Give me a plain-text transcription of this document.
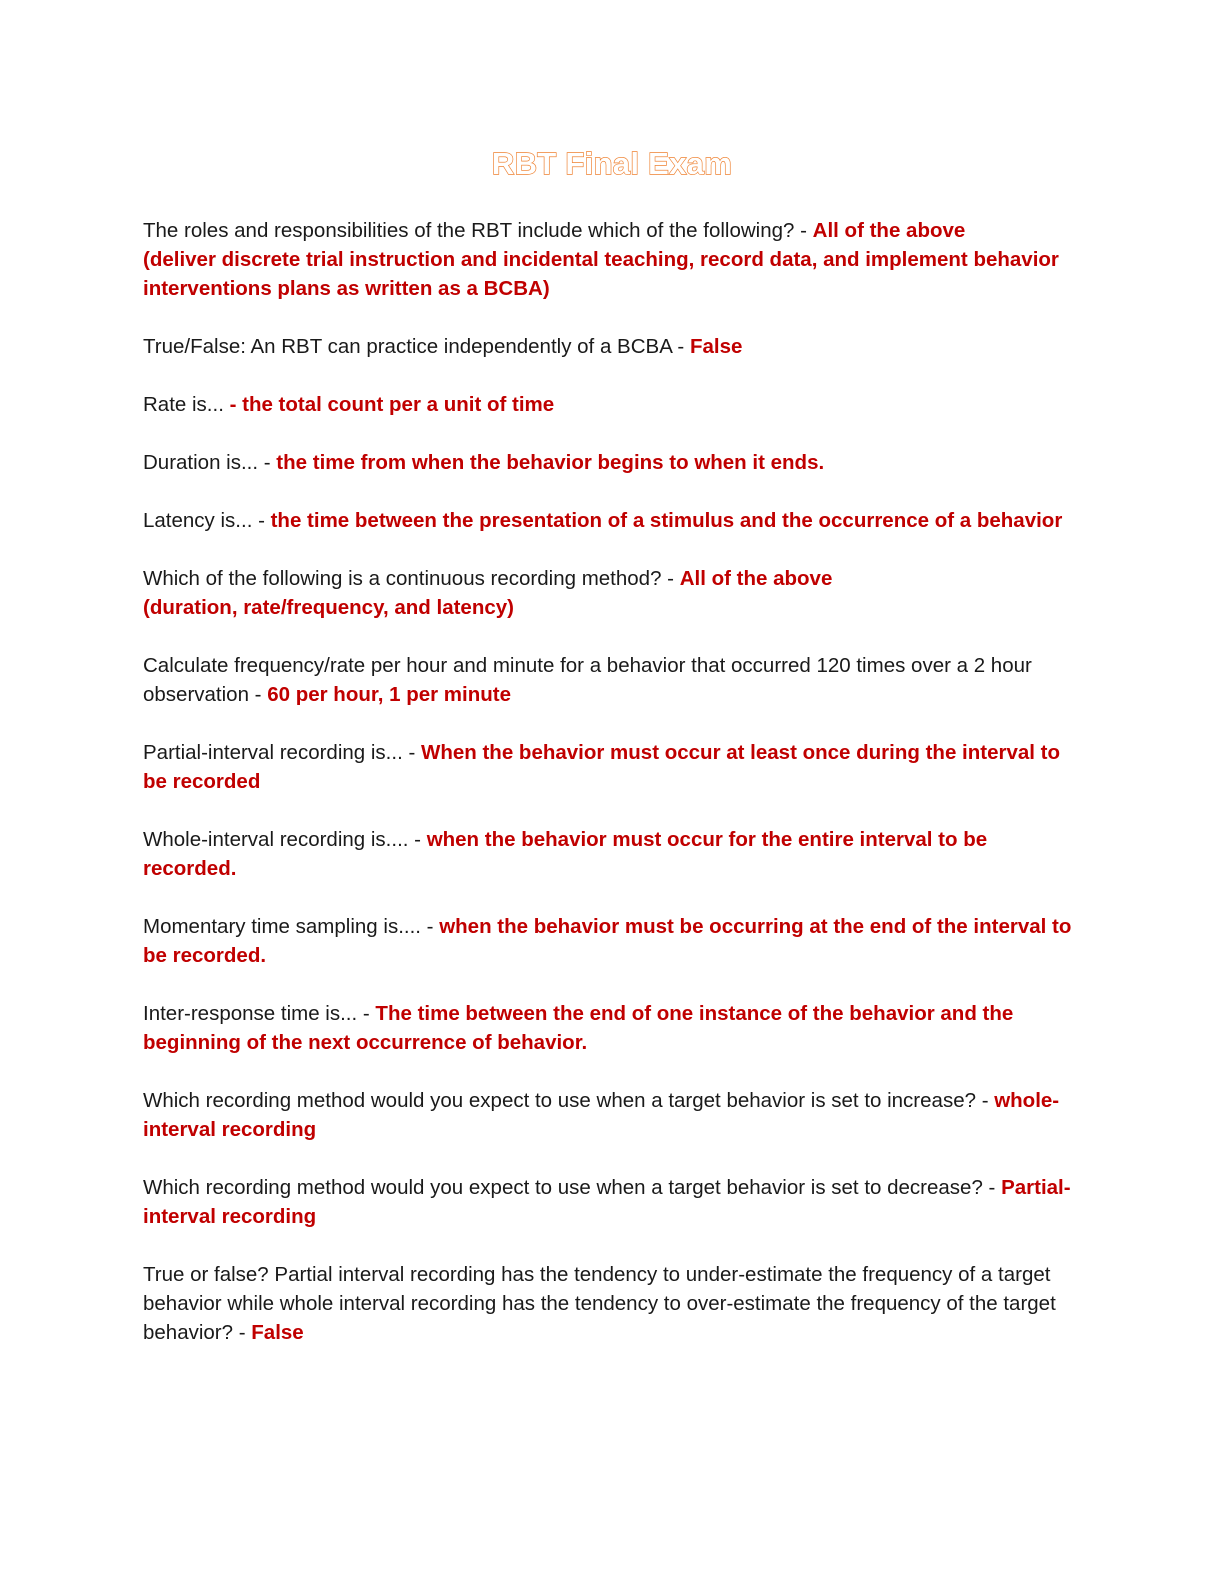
RBT Final Exam

The roles and responsibilities of the RBT include which of the following? - All of the above
(deliver discrete trial instruction and incidental teaching, record data, and implement behavior interventions plans as written as a BCBA)

True/False: An RBT can practice independently of a BCBA - False

Rate is... - the total count per a unit of time

Duration is... - the time from when the behavior begins to when it ends.

Latency is... - the time between the presentation of a stimulus and the occurrence of a behavior

Which of the following is a continuous recording method? - All of the above
(duration, rate/frequency, and latency)

Calculate frequency/rate per hour and minute for a behavior that occurred 120 times over a 2 hour observation - 60 per hour, 1 per minute

Partial-interval recording is... - When the behavior must occur at least once during the interval to be recorded

Whole-interval recording is.... - when the behavior must occur for the entire interval to be recorded.

Momentary time sampling is.... - when the behavior must be occurring at the end of the interval to be recorded.

Inter-response time is... - The time between the end of one instance of the behavior and the beginning of the next occurrence of behavior.

Which recording method would you expect to use when a target behavior is set to increase? - whole-interval recording

Which recording method would you expect to use when a target behavior is set to decrease? - Partial-interval recording

True or false? Partial interval recording has the tendency to under-estimate the frequency of a target behavior while whole interval recording has the tendency to over-estimate the frequency of the target behavior? - False
